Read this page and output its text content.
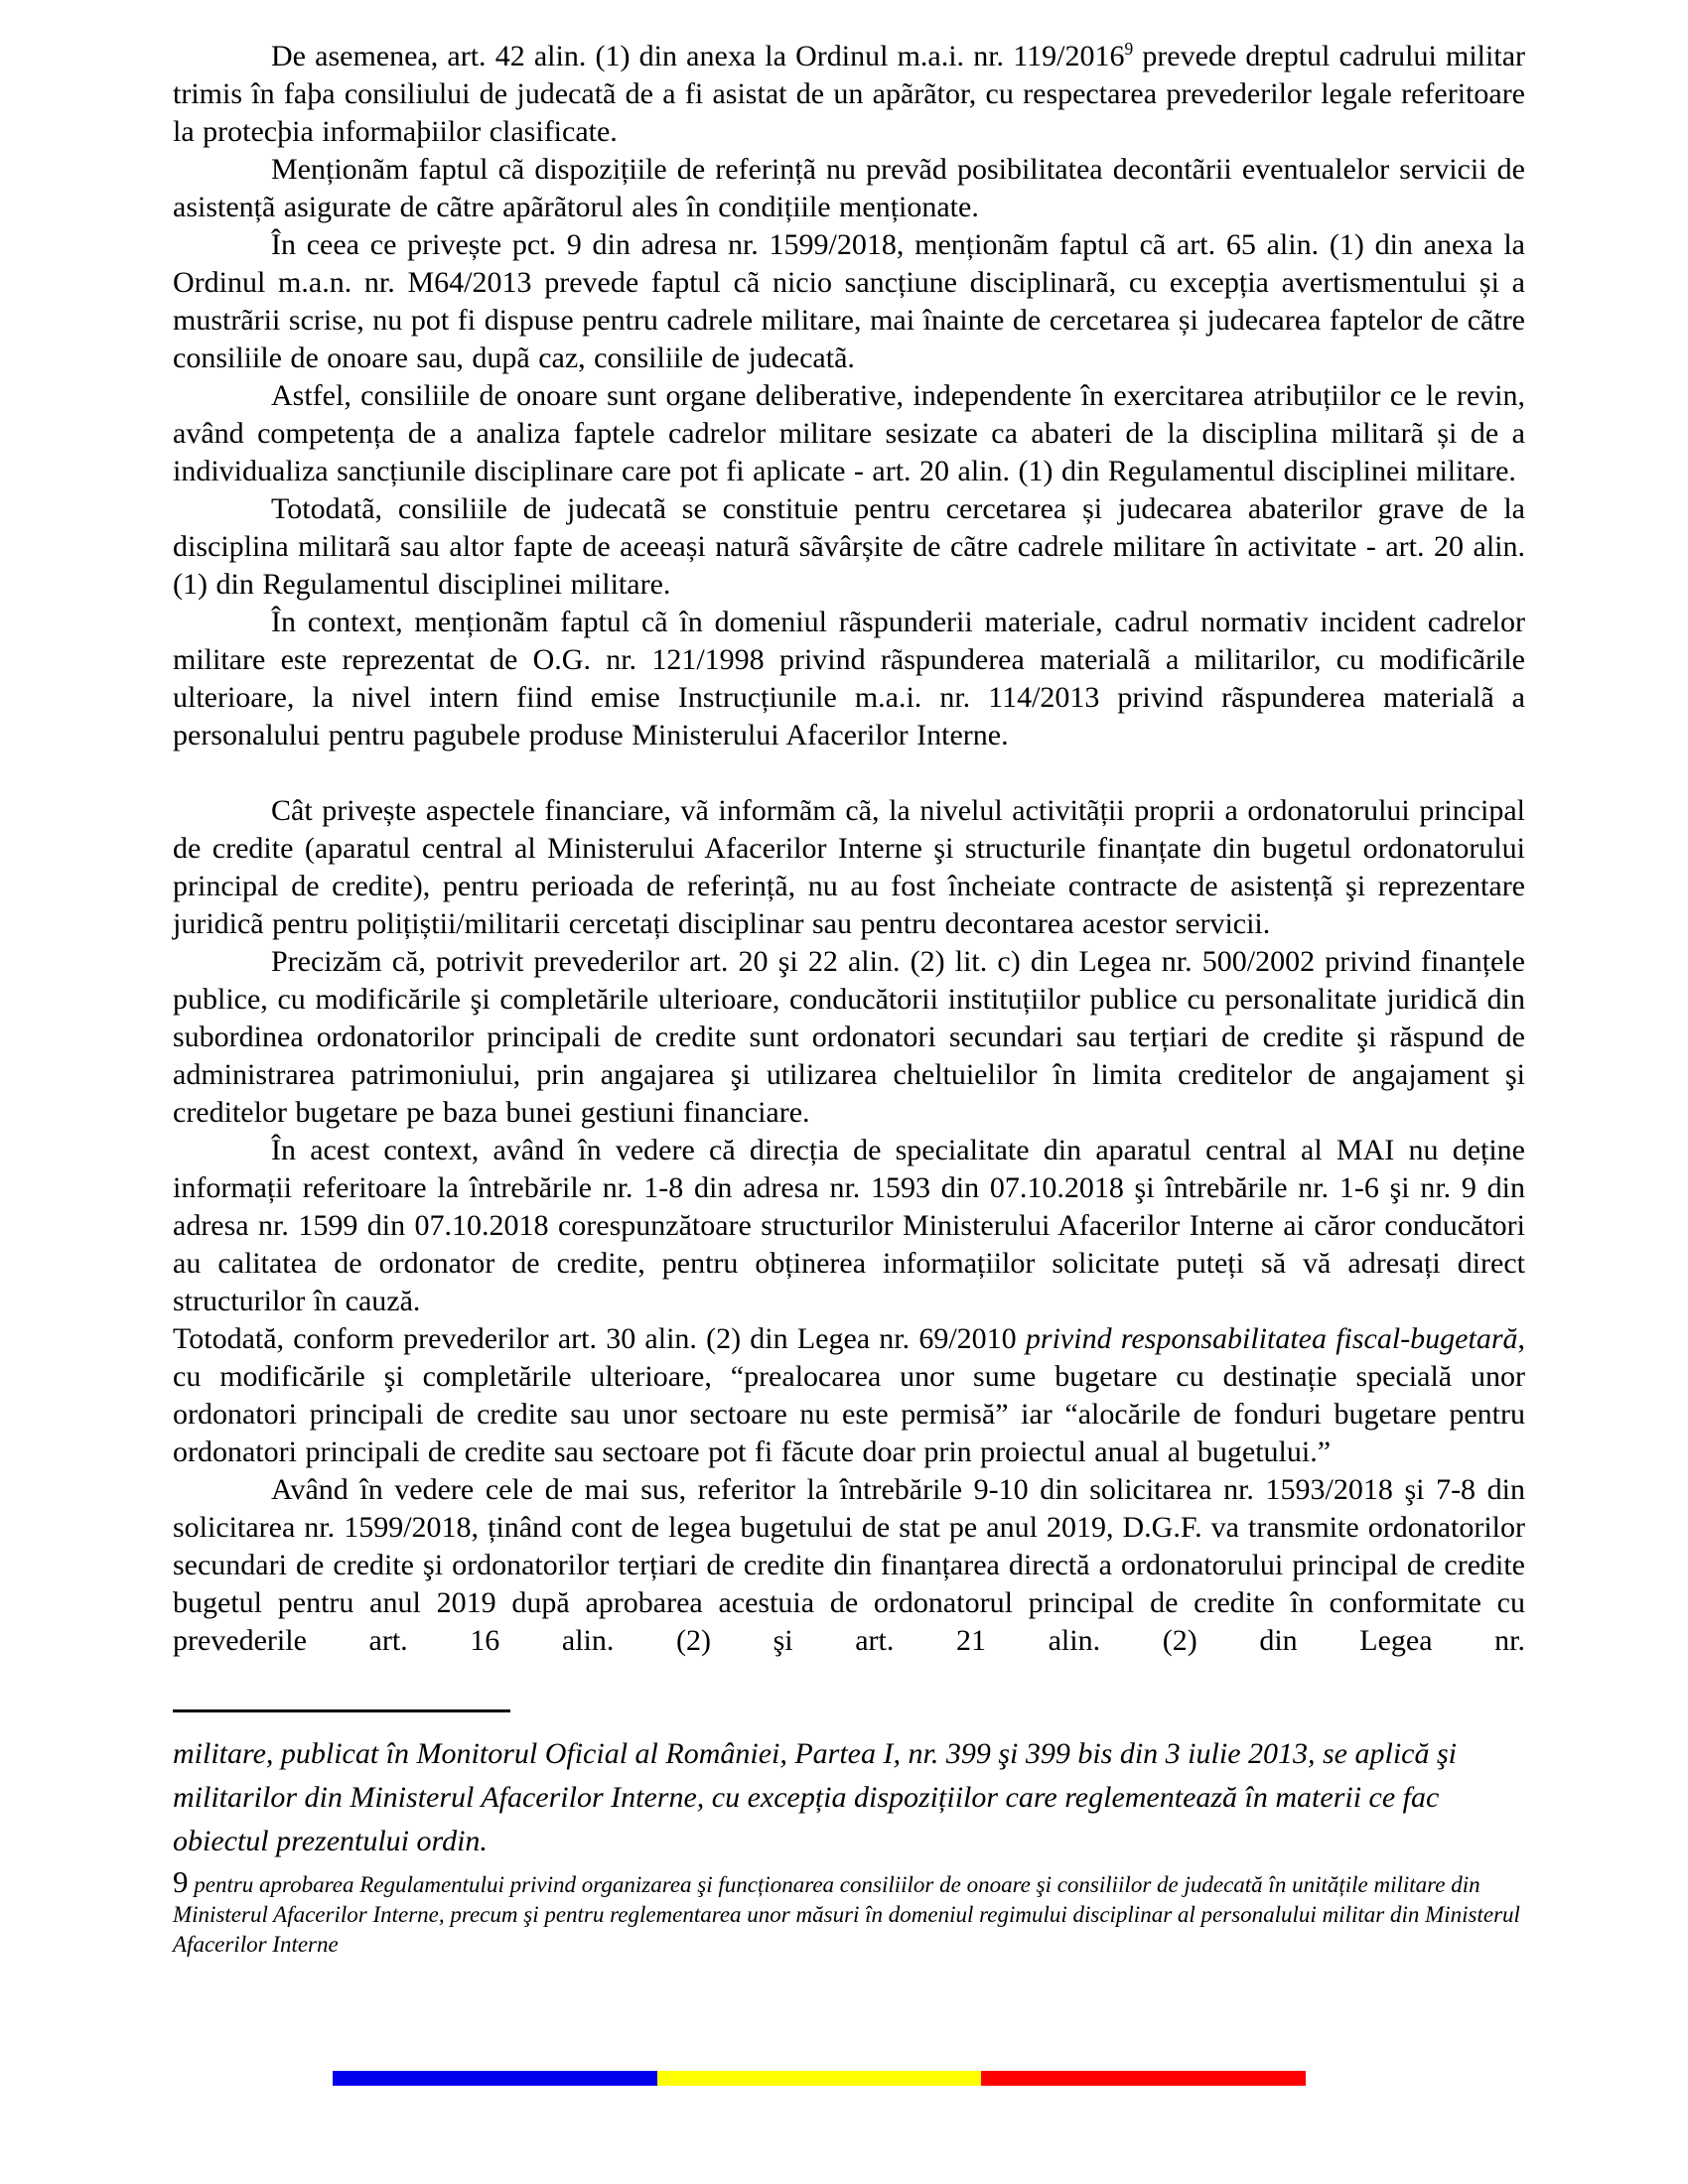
De asemenea, art. 42 alin. (1) din anexa la Ordinul m.a.i. nr. 119/2016$^9$ prevede dreptul cadrului militar trimis în faþa consiliului de judecatã de a fi asistat de un apãrãtor, cu respectarea prevederilor legale referitoare la protecþia informaþiilor clasificate.

Menționãm faptul cã dispozițiile de referințã nu prevãd posibilitatea decontãrii eventualelor servicii de asistențã asigurate de cãtre apãrãtorul ales în condițiile menționate.

În ceea ce privește pct. 9 din adresa nr. 1599/2018, menționãm faptul cã art. 65 alin. (1) din anexa la Ordinul m.a.n. nr. M64/2013 prevede faptul cã nicio sancțiune disciplinarã, cu excepția avertismentului și a mustrãrii scrise, nu pot fi dispuse pentru cadrele militare, mai înainte de cercetarea și judecarea faptelor de cãtre consiliile de onoare sau, dupã caz, consiliile de judecatã.

Astfel, consiliile de onoare sunt organe deliberative, independente în exercitarea atribuțiilor ce le revin, având competența de a analiza faptele cadrelor militare sesizate ca abateri de la disciplina militarã și de a individualiza sancțiunile disciplinare care pot fi aplicate - art. 20 alin. (1) din Regulamentul disciplinei militare.

Totodatã, consiliile de judecatã se constituie pentru cercetarea și judecarea abaterilor grave de la disciplina militarã sau altor fapte de aceeași naturã sãvârșite de cãtre cadrele militare în activitate - art. 20 alin. (1) din Regulamentul disciplinei militare.

În context, menționãm faptul cã în domeniul rãspunderii materiale, cadrul normativ incident cadrelor militare este reprezentat de O.G. nr. 121/1998 privind rãspunderea materialã a militarilor, cu modificãrile ulterioare, la nivel intern fiind emise Instrucțiunile m.a.i. nr. 114/2013 privind rãspunderea materialã a personalului pentru pagubele produse Ministerului Afacerilor Interne.

Cât privește aspectele financiare, vã informãm cã, la nivelul activitãții proprii a ordonatorului principal de credite (aparatul central al Ministerului Afacerilor Interne şi structurile finanțate din bugetul ordonatorului principal de credite), pentru perioada de referințã, nu au fost încheiate contracte de asistențã şi reprezentare juridicã pentru polițiștii/militarii cercetați disciplinar sau pentru decontarea acestor servicii.

Precizăm că, potrivit prevederilor art. 20 şi 22 alin. (2) lit. c) din Legea nr. 500/2002 privind finanțele publice, cu modificările şi completările ulterioare, conducătorii instituțiilor publice cu personalitate juridică din subordinea ordonatorilor principali de credite sunt ordonatori secundari sau terțiari de credite şi răspund de administrarea patrimoniului, prin angajarea şi utilizarea cheltuielilor în limita creditelor de angajament şi creditelor bugetare pe baza bunei gestiuni financiare.

În acest context, având în vedere că direcția de specialitate din aparatul central al MAI nu deține informații referitoare la întrebările nr. 1-8 din adresa nr. 1593 din 07.10.2018 şi întrebările nr. 1-6 şi nr. 9 din adresa nr. 1599 din 07.10.2018 corespunzătoare structurilor Ministerului Afacerilor Interne ai căror conducători au calitatea de ordonator de credite, pentru obținerea informațiilor solicitate puteți să vă adresați direct structurilor în cauză.

Totodată, conform prevederilor art. 30 alin. (2) din Legea nr. 69/2010 privind responsabilitatea fiscal-bugetară, cu modificările şi completările ulterioare, “prealocarea unor sume bugetare cu destinație specială unor ordonatori principali de credite sau unor sectoare nu este permisă” iar “alocările de fonduri bugetare pentru ordonatori principali de credite sau sectoare pot fi făcute doar prin proiectul anual al bugetului.”

Având în vedere cele de mai sus, referitor la întrebările 9-10 din solicitarea nr. 1593/2018 şi 7-8 din solicitarea nr. 1599/2018, ținând cont de legea bugetului de stat pe anul 2019, D.G.F. va transmite ordonatorilor secundari de credite şi ordonatorilor terțiari de credite din finanțarea directă a ordonatorului principal de credite bugetul pentru anul 2019 după aprobarea acestuia de ordonatorul principal de credite în conformitate cu prevederile art. 16 alin. (2) şi art. 21 alin. (2) din Legea nr.

militare, publicat în Monitorul Oficial al României, Partea I, nr. 399 şi 399 bis din 3 iulie 2013, se aplică şi militarilor din Ministerul Afacerilor Interne, cu excepția dispozițiilor care reglementează în materii ce fac obiectul prezentului ordin.

9 pentru aprobarea Regulamentului privind organizarea şi funcționarea consiliilor de onoare şi consiliilor de judecată în unitățile militare din Ministerul Afacerilor Interne, precum şi pentru reglementarea unor măsuri în domeniul regimului disciplinar al personalului militar din Ministerul Afacerilor Interne
